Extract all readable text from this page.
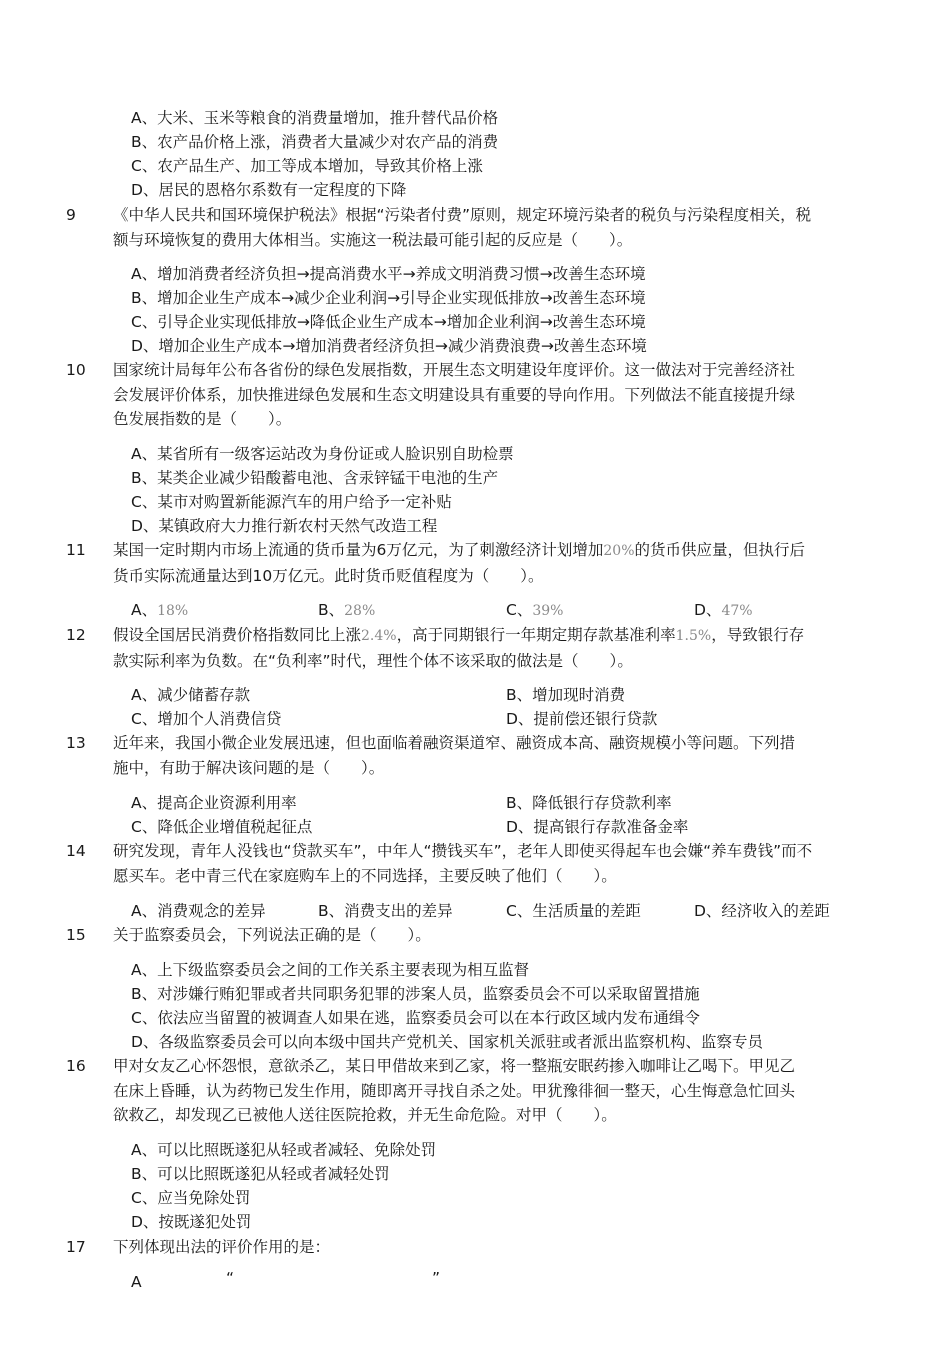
A、大米、玉米等粮食的消费量增加，推升替代品价格
B、农产品价格上涨，消费者大量减少对农产品的消费
C、农产品生产、加工等成本增加，导致其价格上涨
D、居民的恩格尔系数有一定程度的下降
9 《中华人民共和国环境保护税法》根据“污染者付费”原则，规定环境污染者的税负与污染程度相关，税
额与环境恢复的费用大体相当。实施这一税法最可能引起的反应是（　　）。
A、增加消费者经济负担→提高消费水平→养成文明消费习惯→改善生态环境
B、增加企业生产成本→减少企业利润→引导企业实现低排放→改善生态环境
C、引导企业实现低排放→降低企业生产成本→增加企业利润→改善生态环境
D、增加企业生产成本→增加消费者经济负担→减少消费浪费→改善生态环境
10 国家统计局每年公布各省份的绿色发展指数，开展生态文明建设年度评价。这一做法对于完善经济社
会发展评价体系，加快推进绿色发展和生态文明建设具有重要的导向作用。下列做法不能直接提升绿
色发展指数的是（　　）。
A、某省所有一级客运站改为身份证或人脸识别自助检票
B、某类企业减少铅酸蓄电池、含汞锌锰干电池的生产
C、某市对购置新能源汽车的用户给予一定补贴
D、某镇政府大力推行新农村天然气改造工程
11 某国一定时期内市场上流通的货币量为6万亿元，为了刺激经济计划增加20%的货币供应量，但执行后
货币实际流通量达到10万亿元。此时货币贬值程度为（　　）。
A、18%	B、28%	C、39%	D、47%
12 假设全国居民消费价格指数同比上涨2.4%，高于同期银行一年期定期存款基准利率1.5%，导致银行存
款实际利率为负数。在“负利率”时代，理性个体不该采取的做法是（　　）。
A、减少储蓄存款	B、增加现时消费
C、增加个人消费信贷	D、提前偿还银行贷款
13 近年来，我国小微企业发展迅速，但也面临着融资渠道窄、融资成本高、融资规模小等问题。下列措
施中，有助于解决该问题的是（　　）。
A、提高企业资源利用率	B、降低银行存贷款利率
C、降低企业增值税起征点	D、提高银行存款准备金率
14 研究发现，青年人没钱也“贷款买车”，中年人“攒钱买车”，老年人即使买得起车也会嫌“养车费钱”而不
愿买车。老中青三代在家庭购车上的不同选择，主要反映了他们（　　）。
A、消费观念的差异	B、消费支出的差异	C、生活质量的差距	D、经济收入的差距
15 关于监察委员会，下列说法正确的是（　　）。
A、上下级监察委员会之间的工作关系主要表现为相互监督
B、对涉嫌行贿犯罪或者共同职务犯罪的涉案人员，监察委员会不可以采取留置措施
C、依法应当留置的被调查人如果在逃，监察委员会可以在本行政区域内发布通缉令
D、各级监察委员会可以向本级中国共产党机关、国家机关派驻或者派出监察机构、监察专员
16 甲对女友乙心怀怨恨，意欲杀乙，某日甲借故来到乙家，将一整瓶安眠药掺入咖啡让乙喝下。甲见乙
在床上昏睡，认为药物已发生作用，随即离开寻找自杀之处。甲犹豫徘徊一整天，心生悔意急忙回头
欲救乙，却发现乙已被他人送往医院抢救，并无生命危险。对甲（　　）。
A、可以比照既遂犯从轻或者减轻、免除处罚
B、可以比照既遂犯从轻或者减轻处罚
C、应当免除处罚
D、按既遂犯处罚
17 下列体现出法的评价作用的是：
A	“	”
